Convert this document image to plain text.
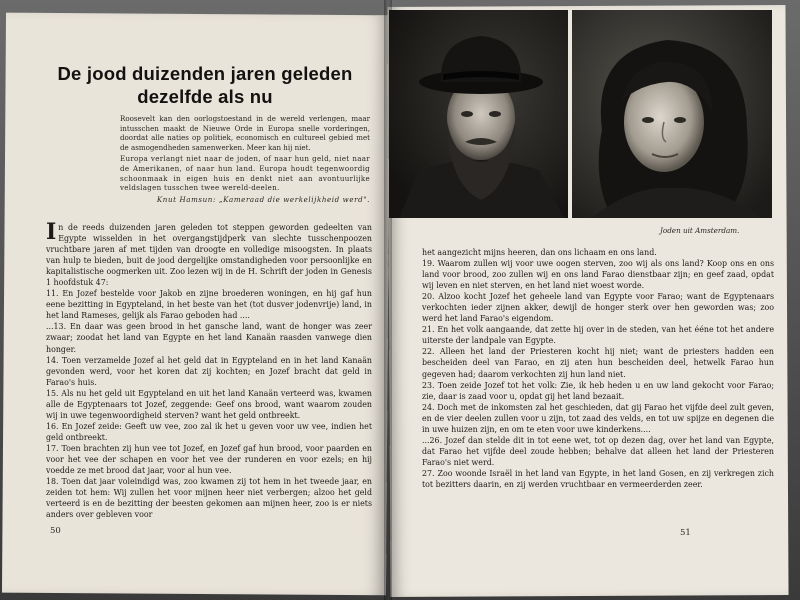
De jood duizenden jaren geleden
dezelfde als nu

Roosevelt kan den oorlogstoestand in de wereld verlengen, maar intusschen maakt de Nieuwe Orde in Europa snelle vorderingen, doordat alle naties op politiek, economisch en cultureel gebied met de asmogendheden samenwerken. Meer kan hij niet.

Europa verlangt niet naar de joden, of naar hun geld, niet naar de Amerikanen, of naar hun land. Europa houdt tegenwoordig schoonmaak in eigen huis en denkt niet aan avontuurlijke veldslagen tusschen twee wereld-deelen.

Knut Hamsun: „Kameraad die werkelijkheid werd".

I n de reeds duizenden jaren geleden tot steppen geworden gedeelten van Egypte wisselden in het overgangstijdperk van slechte tusschenpoozen vruchtbare jaren af met tijden van droogte en volledige misoogsten. In plaats van hulp te bieden, buit de jood dergelijke omstandigheden voor persoonlijke en kapitalistische oogmerken uit. Zoo lezen wij in de H. Schrift der joden in Genesis 1 hoofdstuk 47:

11. En Jozef bestelde voor Jakob en zijne broederen woningen, en hij gaf hun eene bezitting in Egypteland, in het beste van het (tot dusver jodenvrije) land, in het land Rameses, gelijk als Farao geboden had ....

...13. En daar was geen brood in het gansche land, want de honger was zeer zwaar; zoodat het land van Egypte en het land Kanaän raasden vanwege dien honger.

14. Toen verzamelde Jozef al het geld dat in Egypteland en in het land Kanaän gevonden werd, voor het koren dat zij kochten; en Jozef bracht dat geld in Farao's huis.

15. Als nu het geld uit Egypteland en uit het land Kanaän verteerd was, kwamen alle de Egyptenaars tot Jozef, zeggende: Geef ons brood, want waarom zouden wij in uwe tegenwoordigheid sterven? want het geld ontbreekt.

16. En Jozef zeide: Geeft uw vee, zoo zal ik het u geven voor uw vee, indien het geld ontbreekt.

17. Toen brachten zij hun vee tot Jozef, en Jozef gaf hun brood, voor paarden en voor het vee der schapen en voor het vee der runderen en voor ezels; en hij voedde ze met brood dat jaar, voor al hun vee.

18. Toen dat jaar voleindigd was, zoo kwamen zij tot hem in het tweede jaar, en zeiden tot hem: Wij zullen het voor mijnen heer niet verbergen; alzoo het geld verteerd is en de bezitting der beesten gekomen aan mijnen heer, zoo is er niets anders over gebleven voor

50
Joden uit Amsterdam.

het aangezicht mijns heeren, dan ons lichaam en ons land.

19. Waarom zullen wij voor uwe oogen sterven, zoo wij als ons land? Koop ons en ons land voor brood, zoo zullen wij en ons land Farao dienstbaar zijn; en geef zaad, opdat wij leven en niet sterven, en het land niet woest worde.

20. Alzoo kocht Jozef het geheele land van Egypte voor Farao; want de Egyptenaars verkochten ieder zijnen akker, dewijl de honger sterk over hen geworden was; zoo werd het land Farao's eigendom.

21. En het volk aangaande, dat zette hij over in de steden, van het ééne tot het andere uiterste der landpale van Egypte.

22. Alleen het land der Priesteren kocht hij niet; want de priesters hadden een bescheiden deel van Farao, en zij aten hun bescheiden deel, hetwelk Farao hun gegeven had; daarom verkochten zij hun land niet.

23. Toen zeide Jozef tot het volk: Zie, ik heb heden u en uw land gekocht voor Farao; zie, daar is zaad voor u, opdat gij het land bezaait.

24. Doch met de inkomsten zal het geschieden, dat gij Farao het vijfde deel zult geven, en de vier deelen zullen voor u zijn, tot zaad des velds, en tot uw spijze en degenen die in uwe huizen zijn, en om te eten voor uwe kinderkens....

...26. Jozef dan stelde dit in tot eene wet, tot op dezen dag, over het land van Egypte, dat Farao het vijfde deel zoude hebben; behalve dat alleen het land der Priesteren Farao's niet werd.

27. Zoo woonde Israël in het land van Egypte, in het land Gosen, en zij verkregen zich tot bezitters daarin, en zij werden vruchtbaar en vermeerderden zeer.

51
